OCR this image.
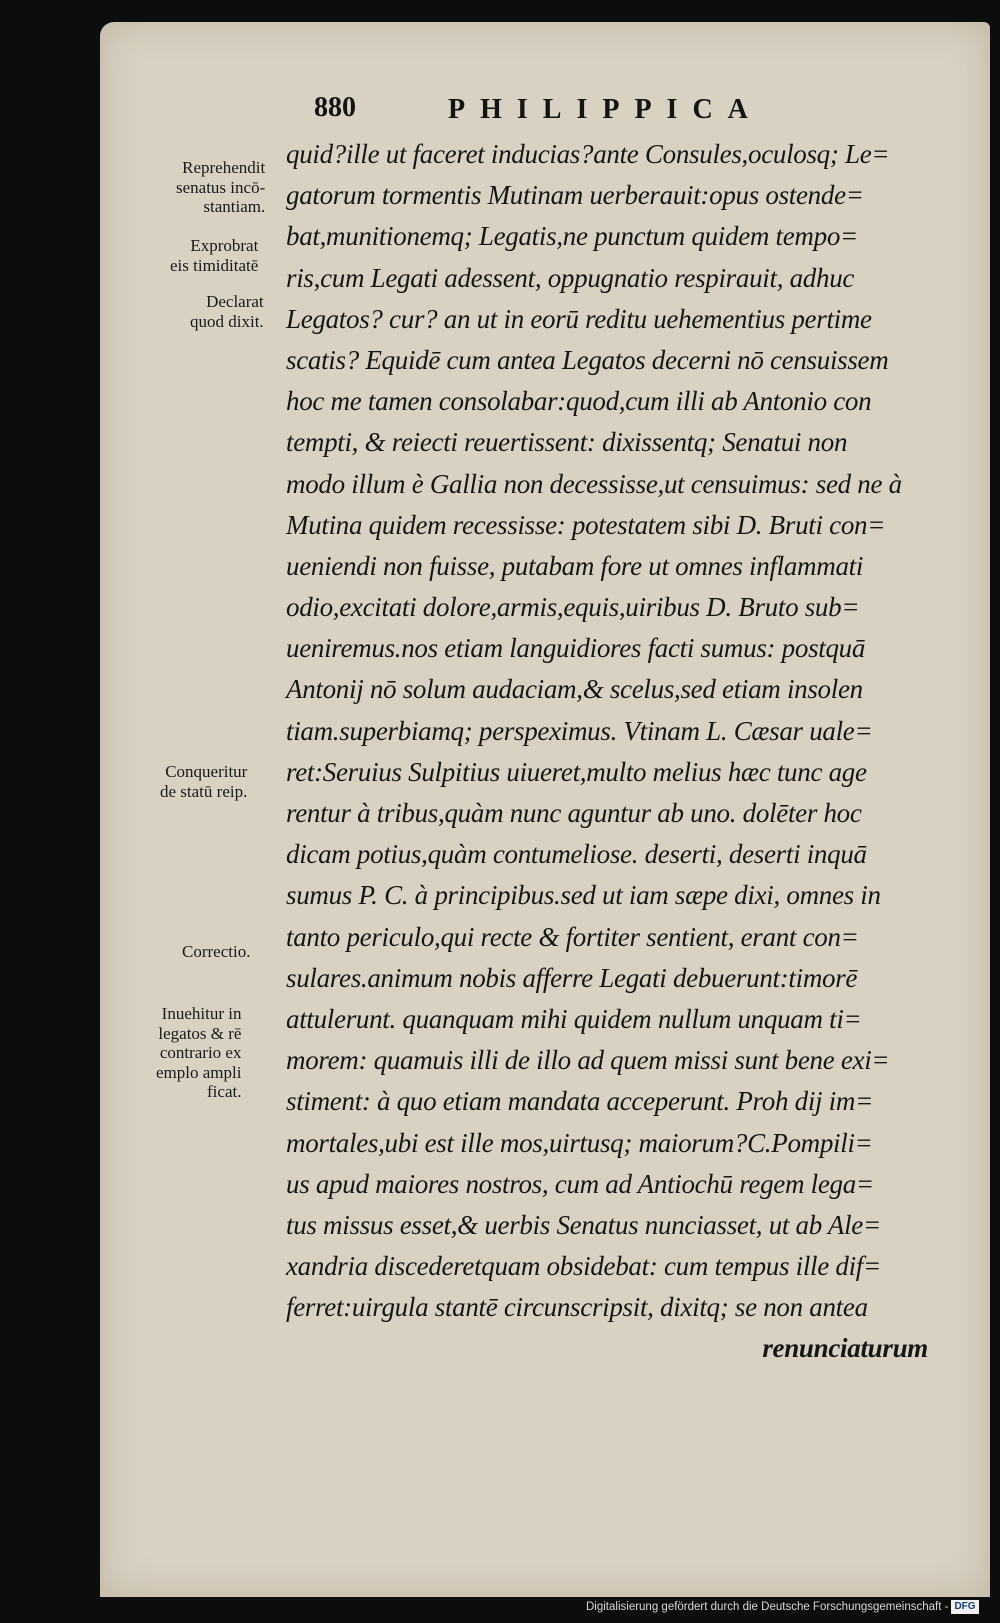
880	PHILIPPICA
Reprehendit
senatus incō-
stantiam.
Exprobrat
eis timiditatē
Declarat
quod dixit.
Conqueritur
de statū reip.
Correctio.
Inuehitur in
legatos & rē
contrario ex
emplo ampli
ficat.
quid?ille ut faceret inducias?ante Consules,oculosq; Le=
gatorum tormentis Mutinam uerberauit:opus ostende=
bat,munitionemq; Legatis,ne punctum quidem tempo=
ris,cum Legati adessent, oppugnatio respirauit, adhuc
Legatos? cur? an ut in eorū reditu uehementius pertime
scatis? Equidē cum antea Legatos decerni nō censuissem
hoc me tamen consolabar:quod,cum illi ab Antonio con
tempti, & reiecti reuertissent: dixissentq; Senatui non
modo illum è Gallia non decessisse,ut censuimus: sed ne à
Mutina quidem recessisse: potestatem sibi D. Bruti con=
ueniendi non fuisse, putabam fore ut omnes inflammati
odio,excitati dolore,armis,equis,uiribus D. Bruto sub=
ueniremus.nos etiam languidiores facti sumus: postquā
Antonij nō solum audaciam,& scelus,sed etiam insolen
tiam.superbiamq; perspeximus. Vtinam L. Cæsar uale=
ret:Seruius Sulpitius uiueret,multo melius hæc tunc age
rentur à tribus,quàm nunc aguntur ab uno. dolēter hoc
dicam potius,quàm contumeliose. deserti, deserti inquā
sumus P. C. à principibus.sed ut iam sæpe dixi, omnes in
tanto periculo,qui recte & fortiter sentient, erant con=
sulares.animum nobis afferre Legati debuerunt:timorē
attulerunt. quanquam mihi quidem nullum unquam ti=
morem: quamuis illi de illo ad quem missi sunt bene exi=
stiment: à quo etiam mandata acceperunt. Proh dij im=
mortales,ubi est ille mos,uirtusq; maiorum?C.Pompili=
us apud maiores nostros, cum ad Antiochū regem lega=
tus missus esset,& uerbis Senatus nunciasset, ut ab Ale=
xandria discederetquam obsidebat: cum tempus ille dif=
ferret:uirgula stantē circunscripsit, dixitq; se non antea
renunciaturum
Digitalisierung gefördert durch die Deutsche Forschungsgemeinschaft - DFG
